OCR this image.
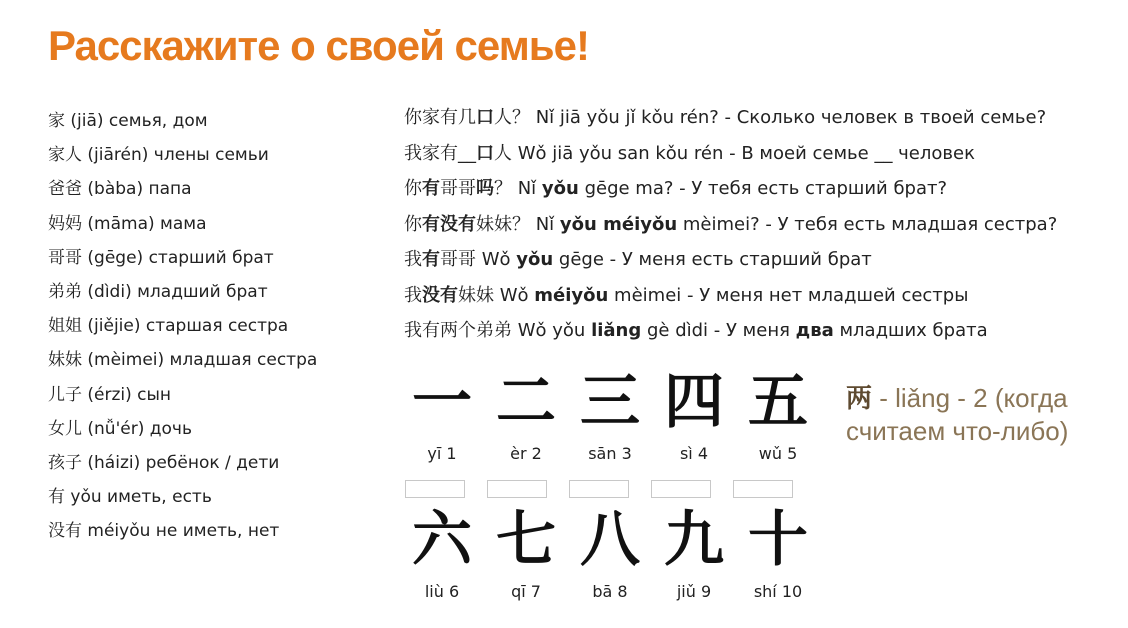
Расскажите о своей семье!
家 (jiā) семья, дом
家人 (jiārén) члены семьи
爸爸 (bàba) папа
妈妈 (māma) мама
哥哥 (gēge) старший брат
弟弟 (dìdi) младший брат
姐姐 (jiějie) старшая сестра
妹妹 (mèimei) младшая сестра
儿子 (érzi) сын
女儿 (nǚ'ér) дочь
孩子 (háizi) ребёнок / дети
有 yǒu иметь, есть
没有 méiyǒu не иметь, нет
你家有几口人？ Nǐ jiā yǒu jǐ kǒu rén? - Сколько человек в твоей семье?
我家有__口人 Wǒ jiā yǒu san kǒu rén - В моей семье __ человек
你有哥哥吗？ Nǐ yǒu gēge ma? - У тебя есть старший брат?
你有没有妹妹？ Nǐ yǒu méiyǒu mèimei? - У тебя есть младшая сестра?
我有哥哥 Wǒ yǒu gēge - У меня есть старший брат
我没有妹妹 Wǒ méiyǒu mèimei - У меня нет младшей сестры
我有两个弟弟 Wǒ yǒu liǎng gè dìdi - У меня два младших брата
一
yī 1
二
èr 2
三
sān 3
四
sì 4
五
wǔ 5
六
liù 6
七
qī 7
八
bā 8
九
jiǔ 9
十
shí 10
两 - liǎng - 2 (когда считаем что-либо)
